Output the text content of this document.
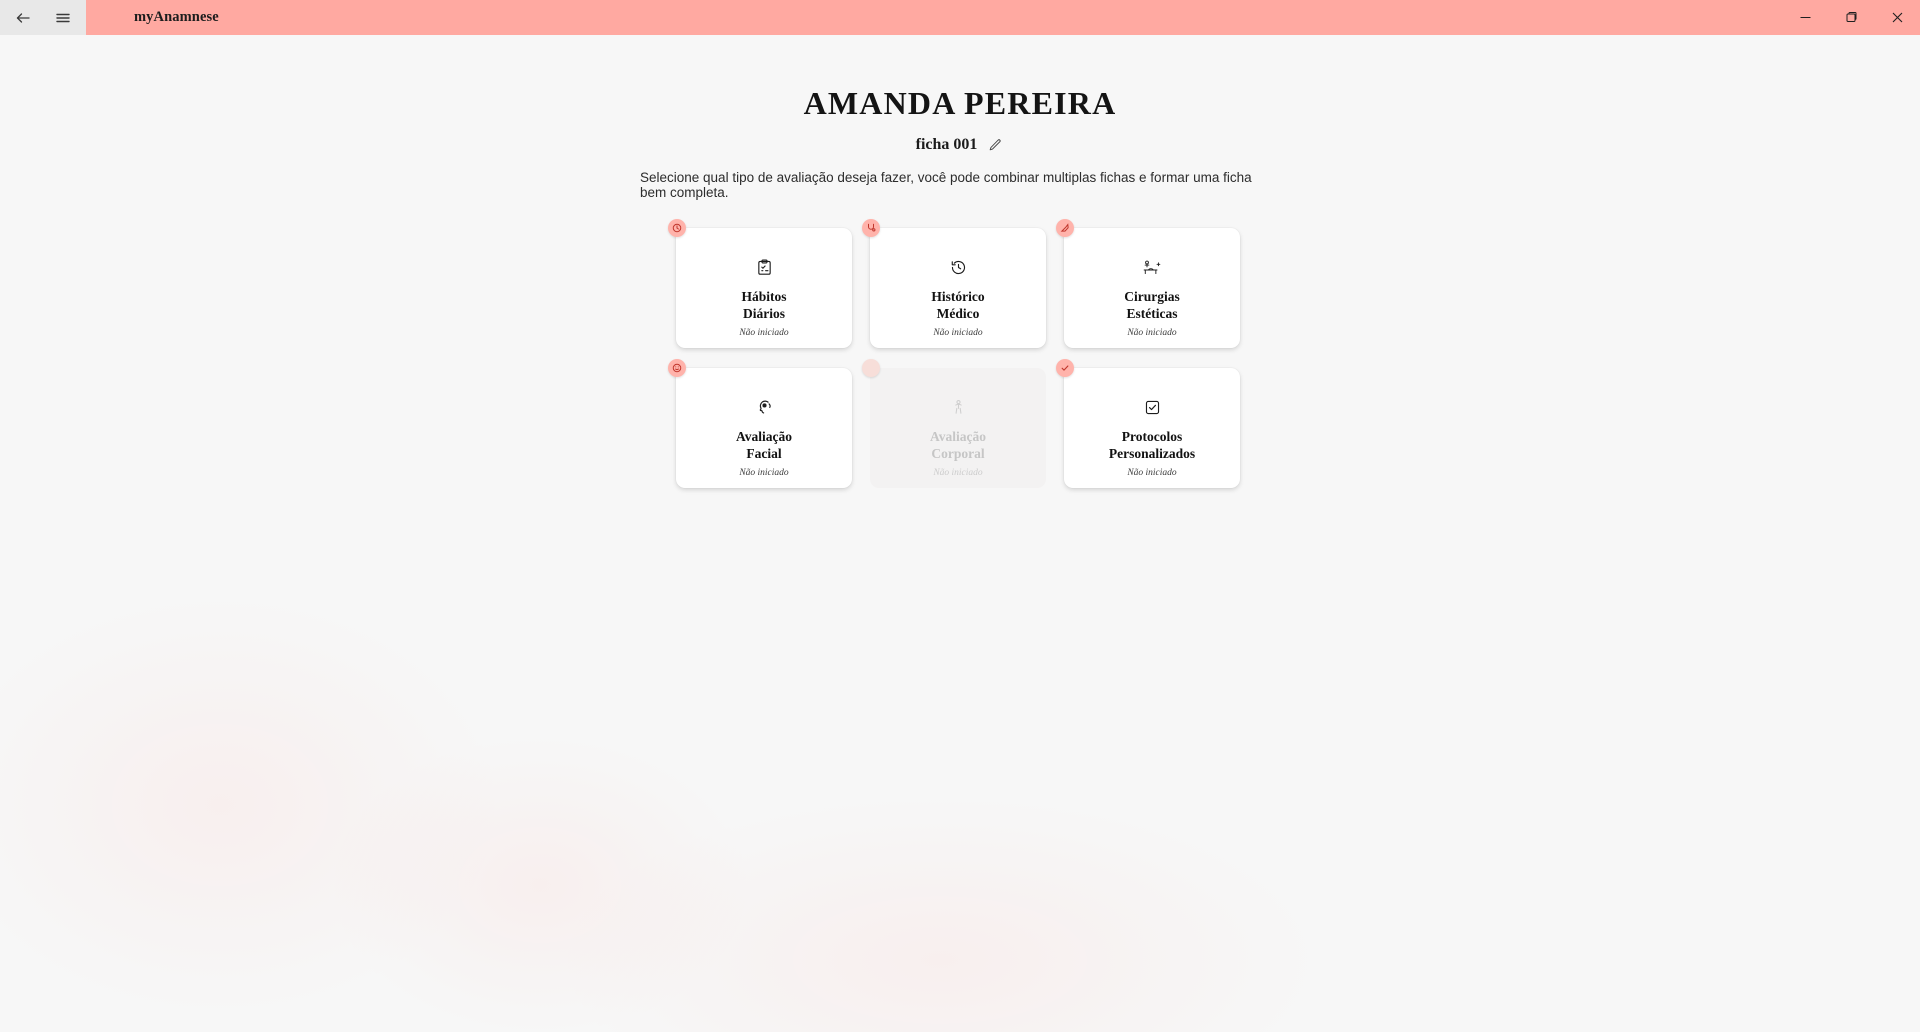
myAnamnese
AMANDA PEREIRA
ficha 001

Selecione qual tipo de avaliação deseja fazer, você pode combinar multiplas fichas e formar uma ficha bem completa.

Hábitos
Diários
Não iniciado
Histórico
Médico
Não iniciado
Cirurgias
Estéticas
Não iniciado
Avaliação
Facial
Não iniciado
Avaliação
Corporal
Não iniciado
Protocolos
Personalizados
Não iniciado
